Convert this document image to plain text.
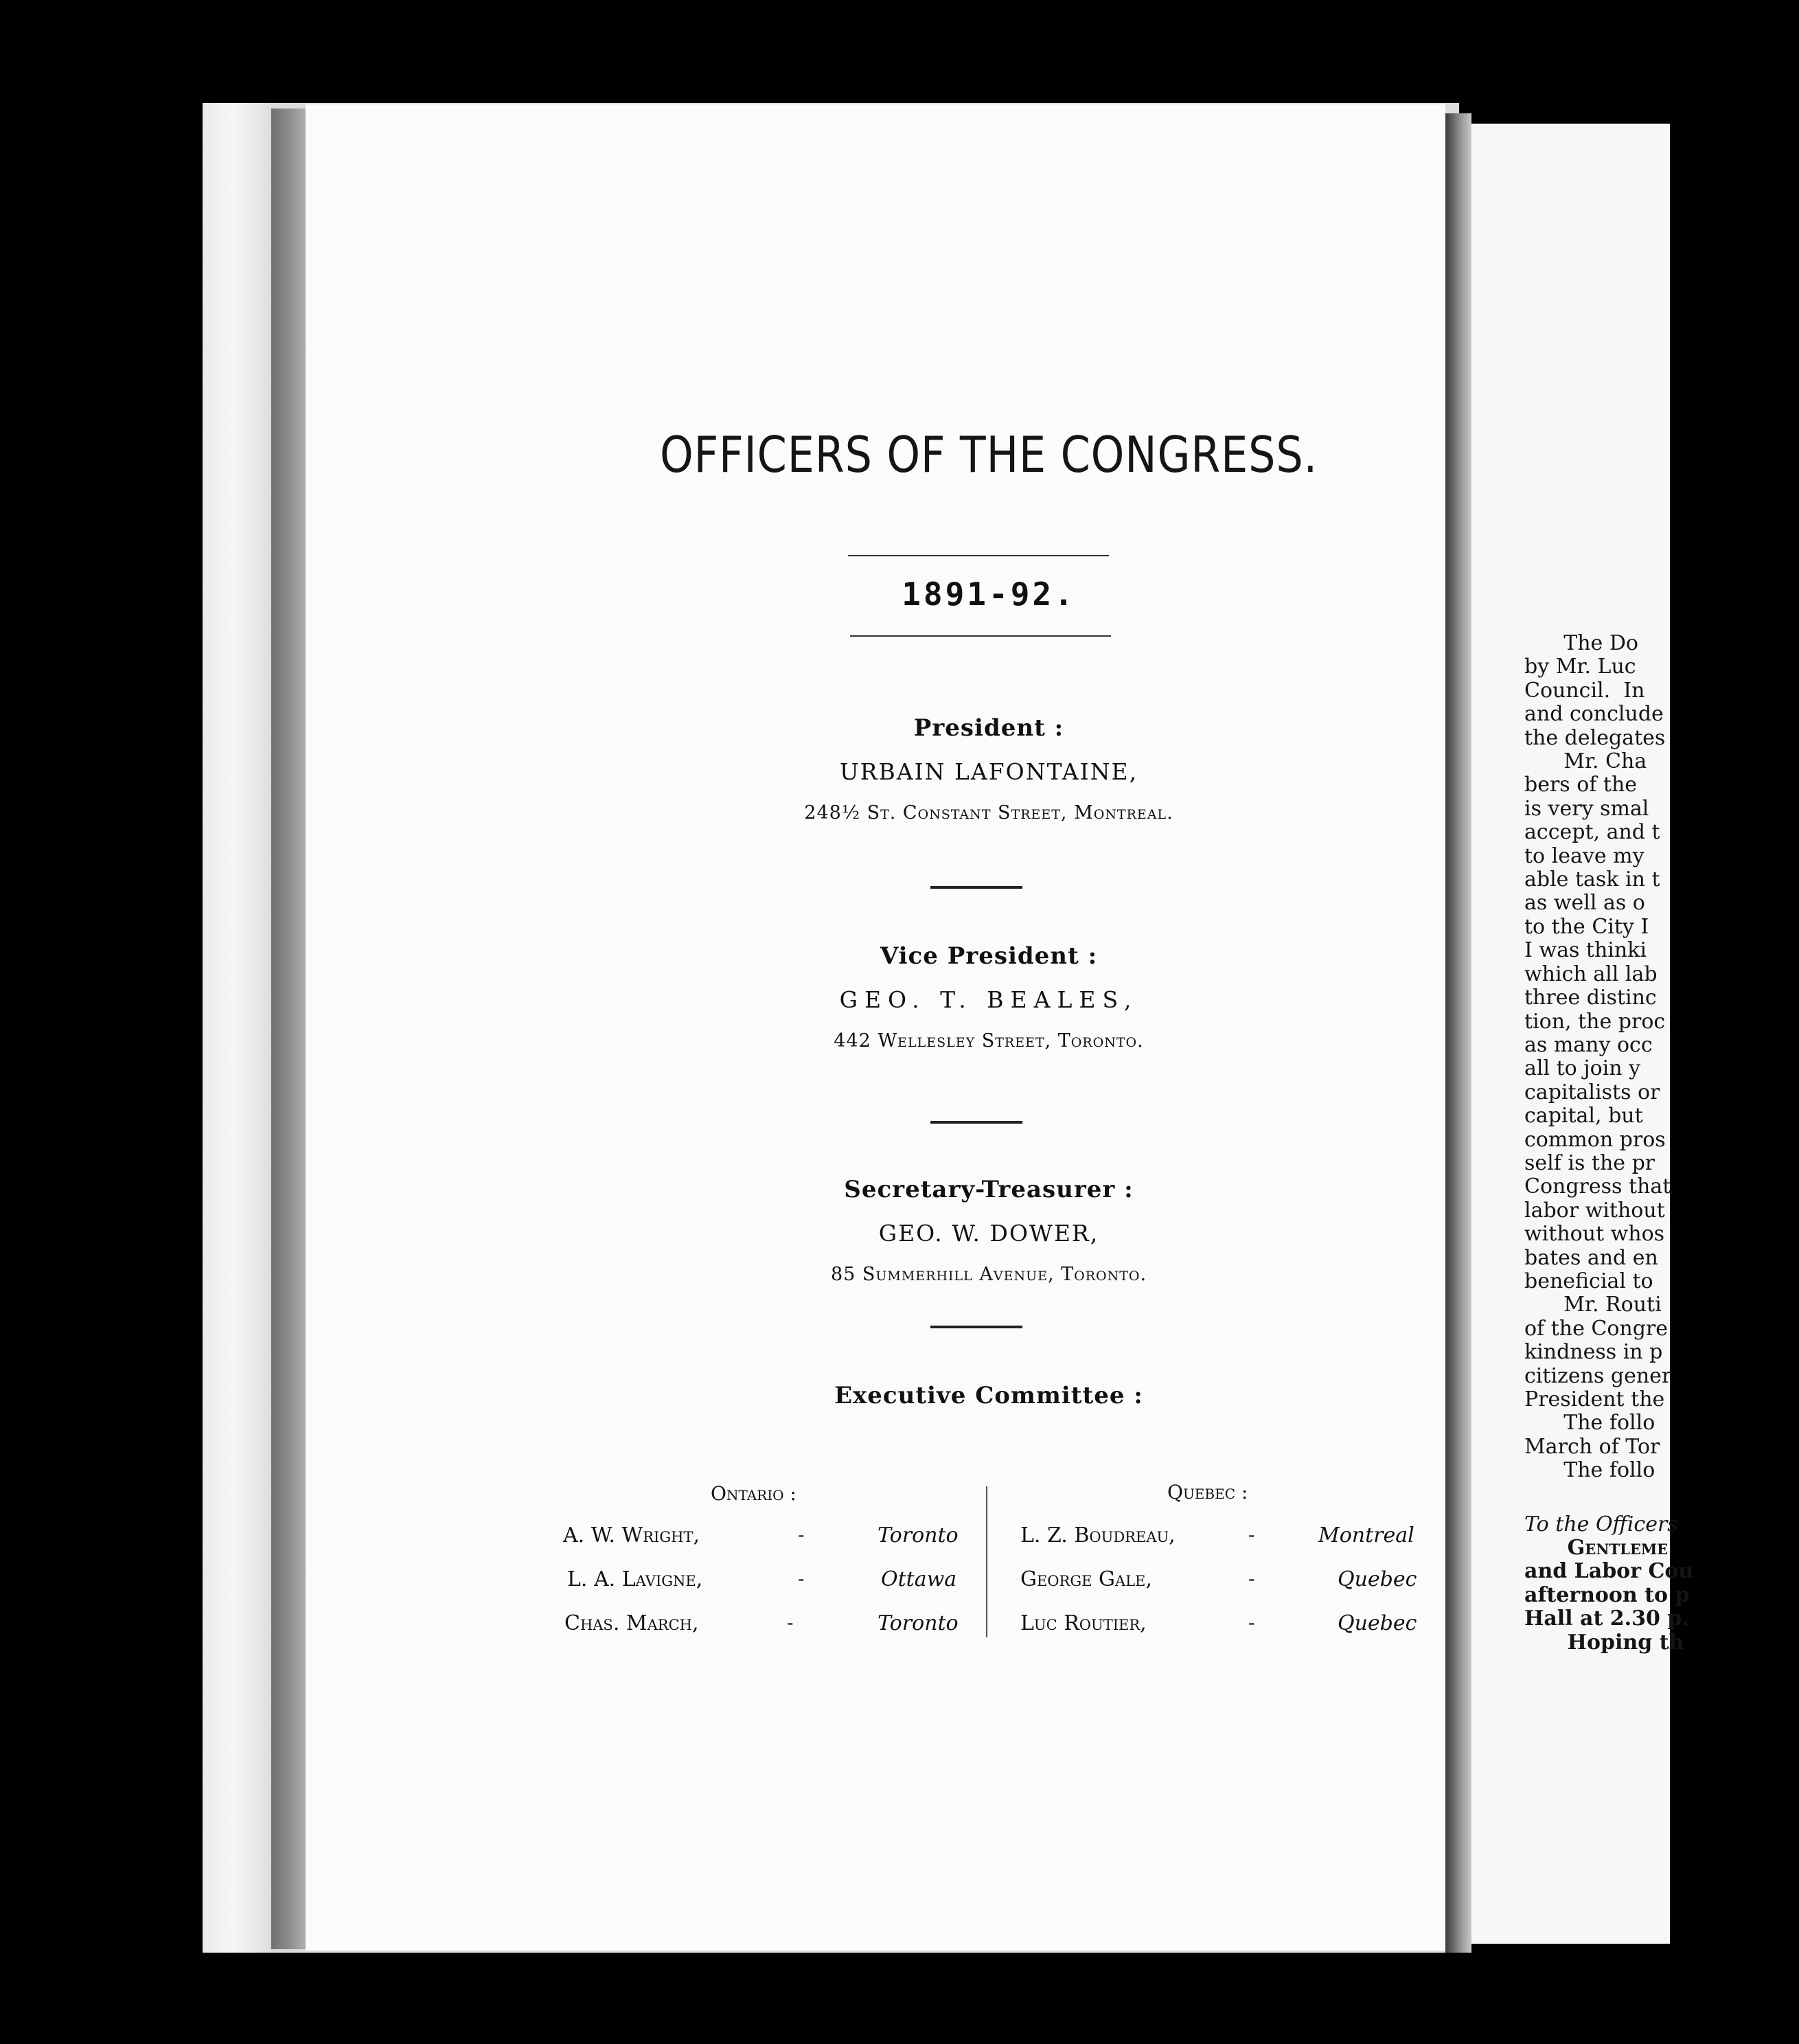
OFFICERS OF THE CONGRESS.
1891-92.
President :
URBAIN LAFONTAINE,
248½ St. Constant Street, Montreal.
Vice President :
GEO. T. BEALES,
442 Wellesley Street, Toronto.
Secretary-Treasurer :
GEO. W. DOWER,
85 Summerhill Avenue, Toronto.
Executive Committee :
Ontario :	Quebec :
A. W. Wright,	-	Toronto
L. A. Lavigne,	-	Ottawa
Chas. March,	-	Toronto
L. Z. Boudreau,	-	Montreal
George Gale,	-	Quebec
Luc Routier,	-	Quebec

The Do

by Mr. Luc

Council.  In

and conclude

the delegates

Mr. Cha

bers of the

is very smal

accept, and t

to leave my

able task in t

as well as o

to the City I

I was thinki

which all lab

three distinc

tion, the proc

as many occ

all to join y

capitalists or

capital, but

common pros

self is the pr

Congress that

labor without

without whos

bates and en

beneficial to

Mr. Routi

of the Congre

kindness in p

citizens gener

President the

The follo

March of Tor

The follo

To the Officers

Gentleme

and Labor Cou

afternoon to p

Hall at 2.30 p.

Hoping th
